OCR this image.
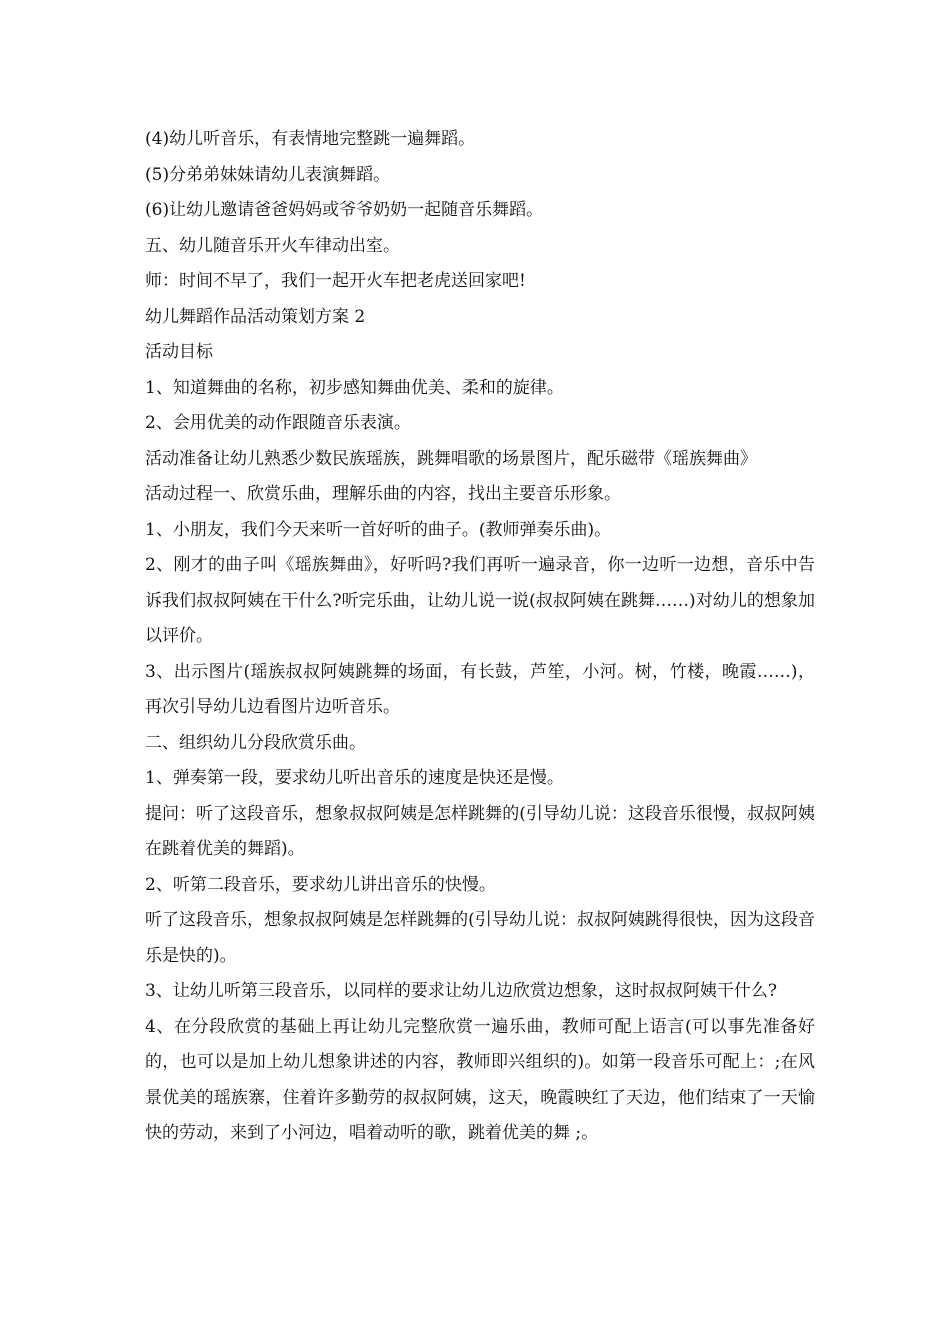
(4)幼儿听音乐，有表情地完整跳一遍舞蹈。

(5)分弟弟妹妹请幼儿表演舞蹈。

(6)让幼儿邀请爸爸妈妈或爷爷奶奶一起随音乐舞蹈。

五、幼儿随音乐开火车律动出室。

师：时间不早了，我们一起开火车把老虎送回家吧!

幼儿舞蹈作品活动策划方案 2

活动目标

1、知道舞曲的名称，初步感知舞曲优美、柔和的旋律。

2、会用优美的动作跟随音乐表演。

活动准备让幼儿熟悉少数民族瑶族，跳舞唱歌的场景图片，配乐磁带《瑶族舞曲》

活动过程一、欣赏乐曲，理解乐曲的内容，找出主要音乐形象。

1、小朋友，我们今天来听一首好听的曲子。(教师弹奏乐曲)。

2、刚才的曲子叫《瑶族舞曲》，好听吗?我们再听一遍录音，你一边听一边想，音乐中告诉我们叔叔阿姨在干什么?听完乐曲，让幼儿说一说(叔叔阿姨在跳舞……)对幼儿的想象加以评价。

3、出示图片(瑶族叔叔阿姨跳舞的场面，有长鼓，芦笙，小河。树，竹楼，晚霞……)，再次引导幼儿边看图片边听音乐。

二、组织幼儿分段欣赏乐曲。

1、弹奏第一段，要求幼儿听出音乐的速度是快还是慢。

提问：听了这段音乐，想象叔叔阿姨是怎样跳舞的(引导幼儿说：这段音乐很慢，叔叔阿姨在跳着优美的舞蹈)。

2、听第二段音乐，要求幼儿讲出音乐的快慢。

听了这段音乐，想象叔叔阿姨是怎样跳舞的(引导幼儿说：叔叔阿姨跳得很快，因为这段音乐是快的)。

3、让幼儿听第三段音乐，以同样的要求让幼儿边欣赏边想象，这时叔叔阿姨干什么?

4、在分段欣赏的基础上再让幼儿完整欣赏一遍乐曲，教师可配上语言(可以事先准备好的，也可以是加上幼儿想象讲述的内容，教师即兴组织的)。如第一段音乐可配上：;在风景优美的瑶族寨，住着许多勤劳的叔叔阿姨，这天，晚霞映红了天边，他们结束了一天愉快的劳动，来到了小河边，唱着动听的歌，跳着优美的舞 ;。
